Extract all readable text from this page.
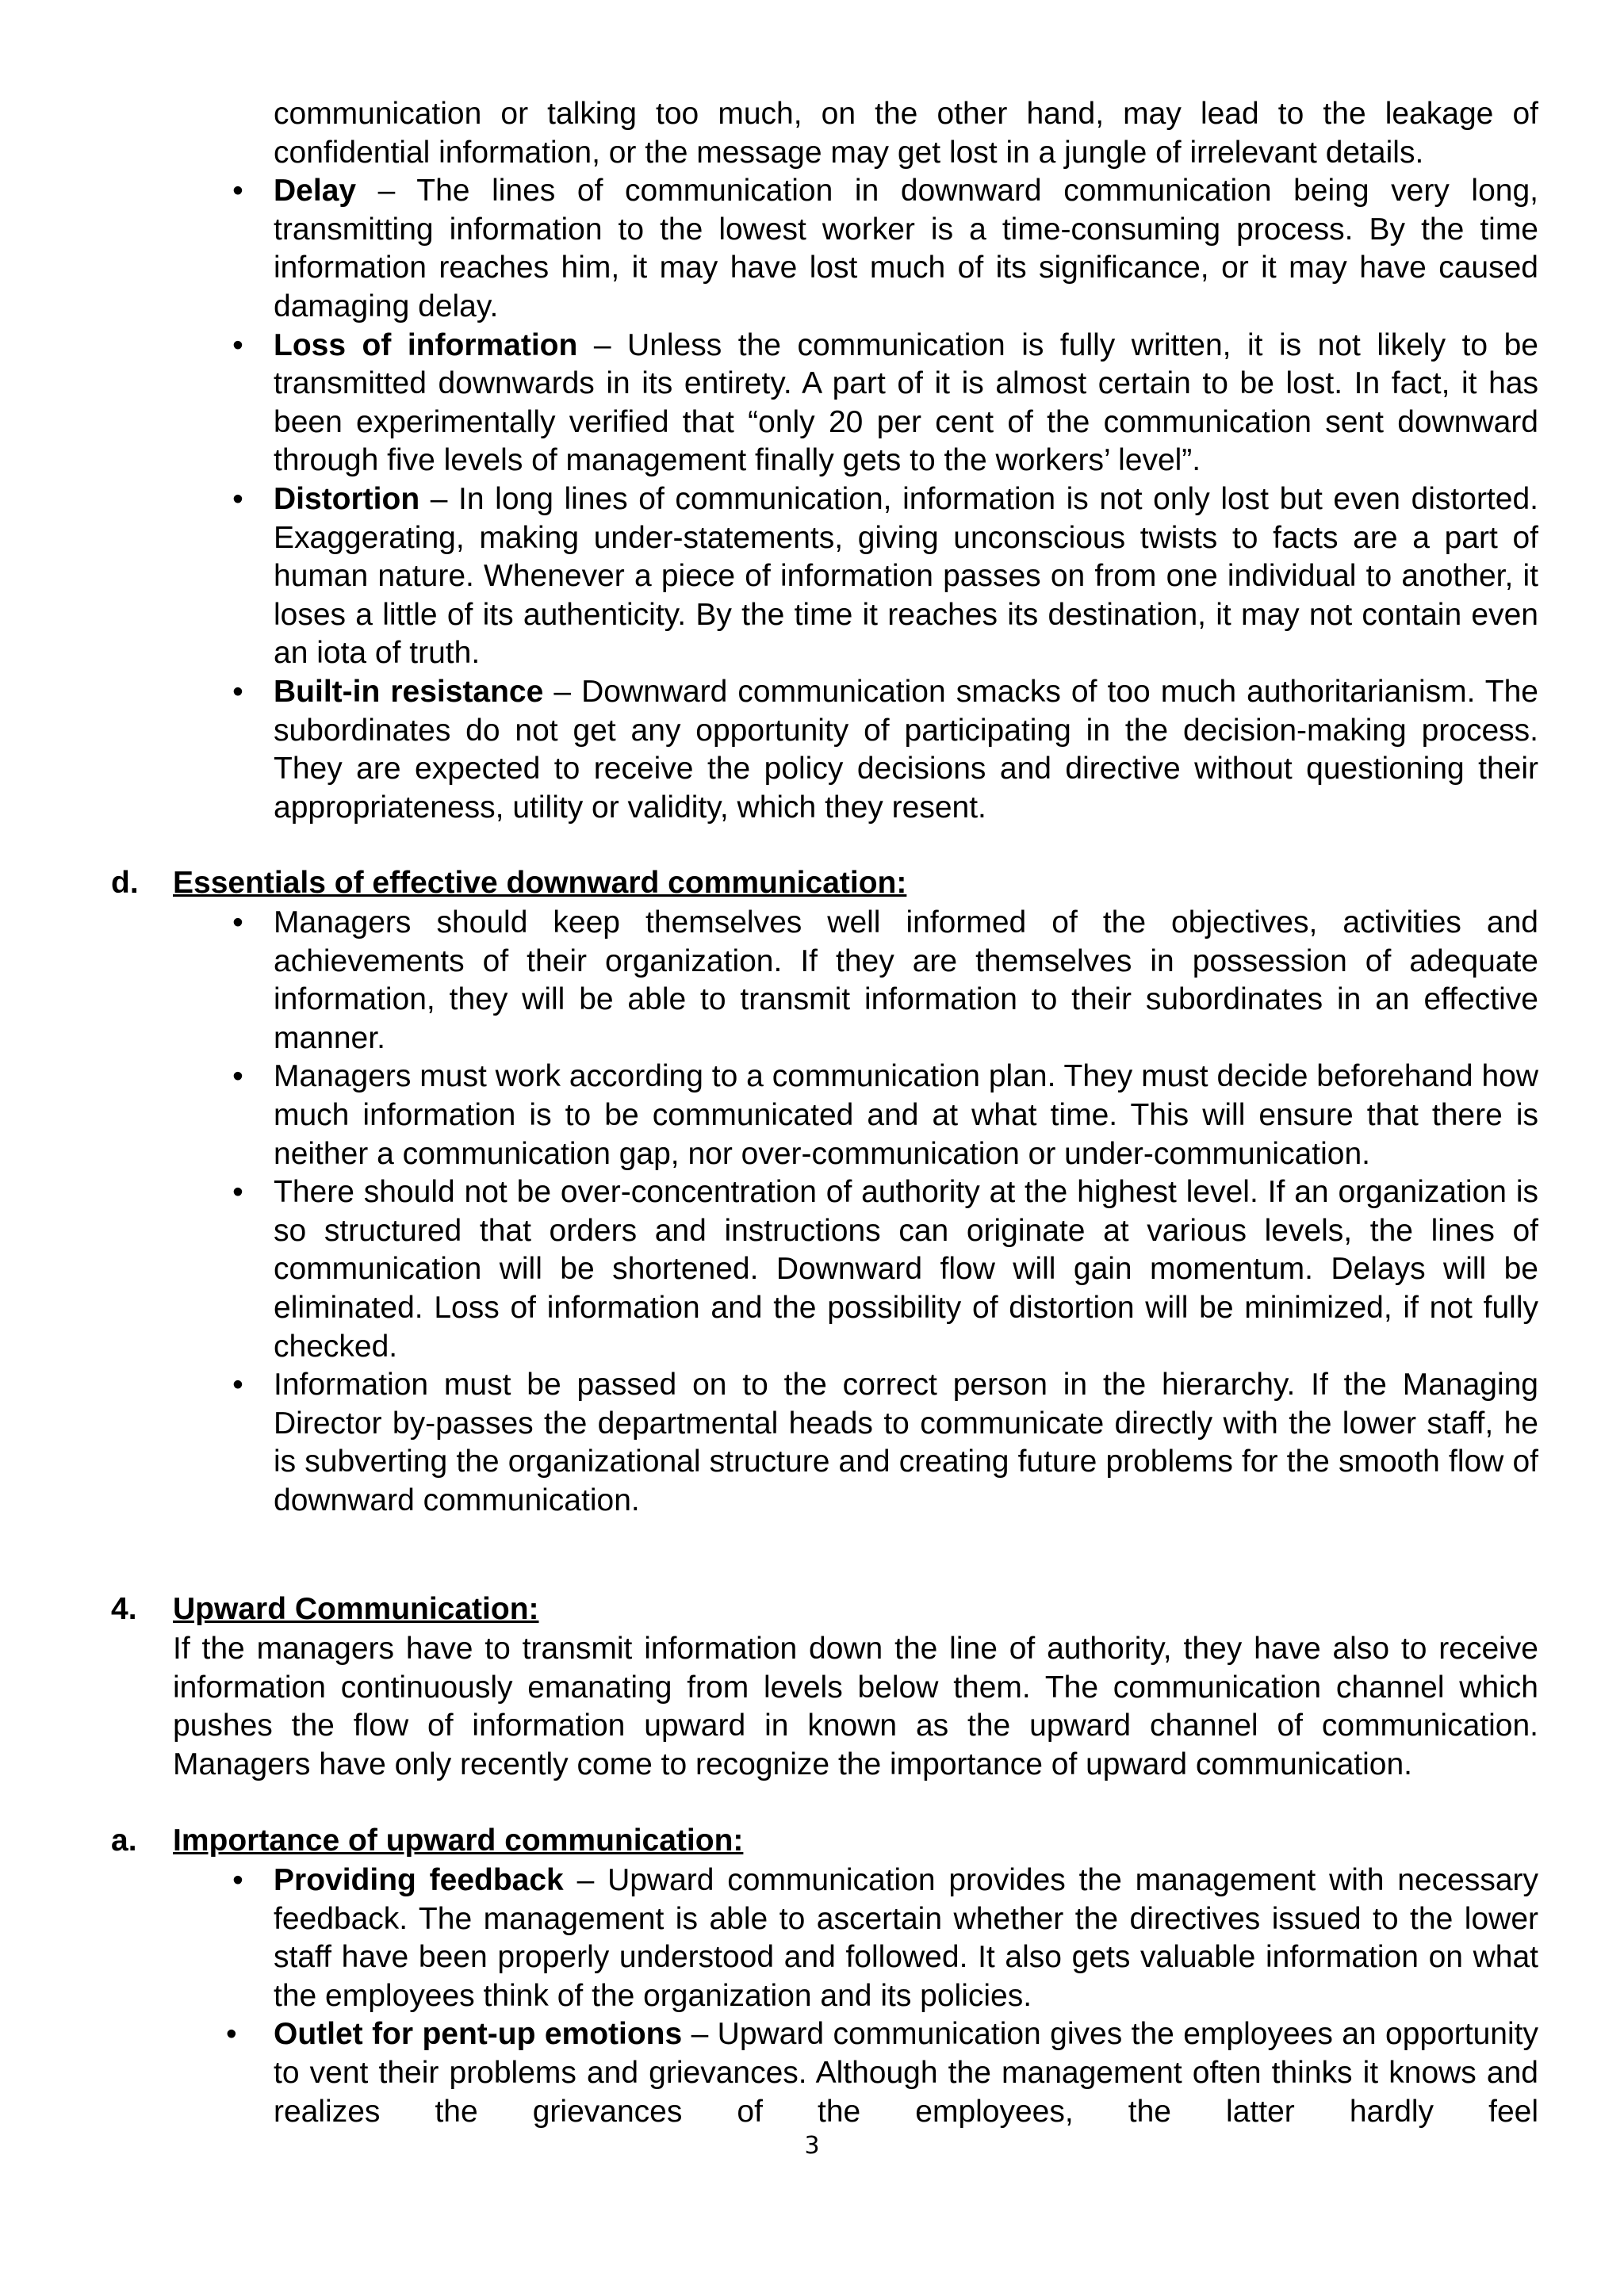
communication or talking too much, on the other hand, may lead to the leakage of confidential information, or the message may get lost in a jungle of irrelevant details.

• Delay – The lines of communication in downward communication being very long, transmitting information to the lowest worker is a time-consuming process. By the time information reaches him, it may have lost much of its significance, or it may have caused damaging delay.
• Loss of information – Unless the communication is fully written, it is not likely to be transmitted downwards in its entirety. A part of it is almost certain to be lost. In fact, it has been experimentally verified that “only 20 per cent of the communication sent downward through five levels of management finally gets to the workers’ level”.
• Distortion – In long lines of communication, information is not only lost but even distorted. Exaggerating, making under-statements, giving unconscious twists to facts are a part of human nature. Whenever a piece of information passes on from one individual to another, it loses a little of its authenticity. By the time it reaches its destination, it may not contain even an iota of truth.
• Built-in resistance – Downward communication smacks of too much authoritarianism. The subordinates do not get any opportunity of participating in the decision-making process. They are expected to receive the policy decisions and directive without questioning their appropriateness, utility or validity, which they resent.
d. Essentials of effective downward communication:
• Managers should keep themselves well informed of the objectives, activities and achievements of their organization. If they are themselves in possession of adequate information, they will be able to transmit information to their subordinates in an effective manner.
• Managers must work according to a communication plan. They must decide beforehand how much information is to be communicated and at what time. This will ensure that there is neither a communication gap, nor over-communication or under-communication.
• There should not be over-concentration of authority at the highest level. If an organization is so structured that orders and instructions can originate at various levels, the lines of communication will be shortened. Downward flow will gain momentum. Delays will be eliminated. Loss of information and the possibility of distortion will be minimized, if not fully checked.
• Information must be passed on to the correct person in the hierarchy. If the Managing Director by-passes the departmental heads to communicate directly with the lower staff, he is subverting the organizational structure and creating future problems for the smooth flow of downward communication.
4. Upward Communication:

If the managers have to transmit information down the line of authority, they have also to receive information continuously emanating from levels below them. The communication channel which pushes the flow of information upward in known as the upward channel of communication. Managers have only recently come to recognize the importance of upward communication.

a. Importance of upward communication:
• Providing feedback – Upward communication provides the management with necessary feedback. The management is able to ascertain whether the directives issued to the lower staff have been properly understood and followed. It also gets valuable information on what the employees think of the organization and its policies.
•	Outlet for pent-up emotions – Upward communication gives the employees an opportunity to vent their problems and grievances. Although the management often thinks it knows and realizes the grievances of the employees, the latter hardly feel
3
